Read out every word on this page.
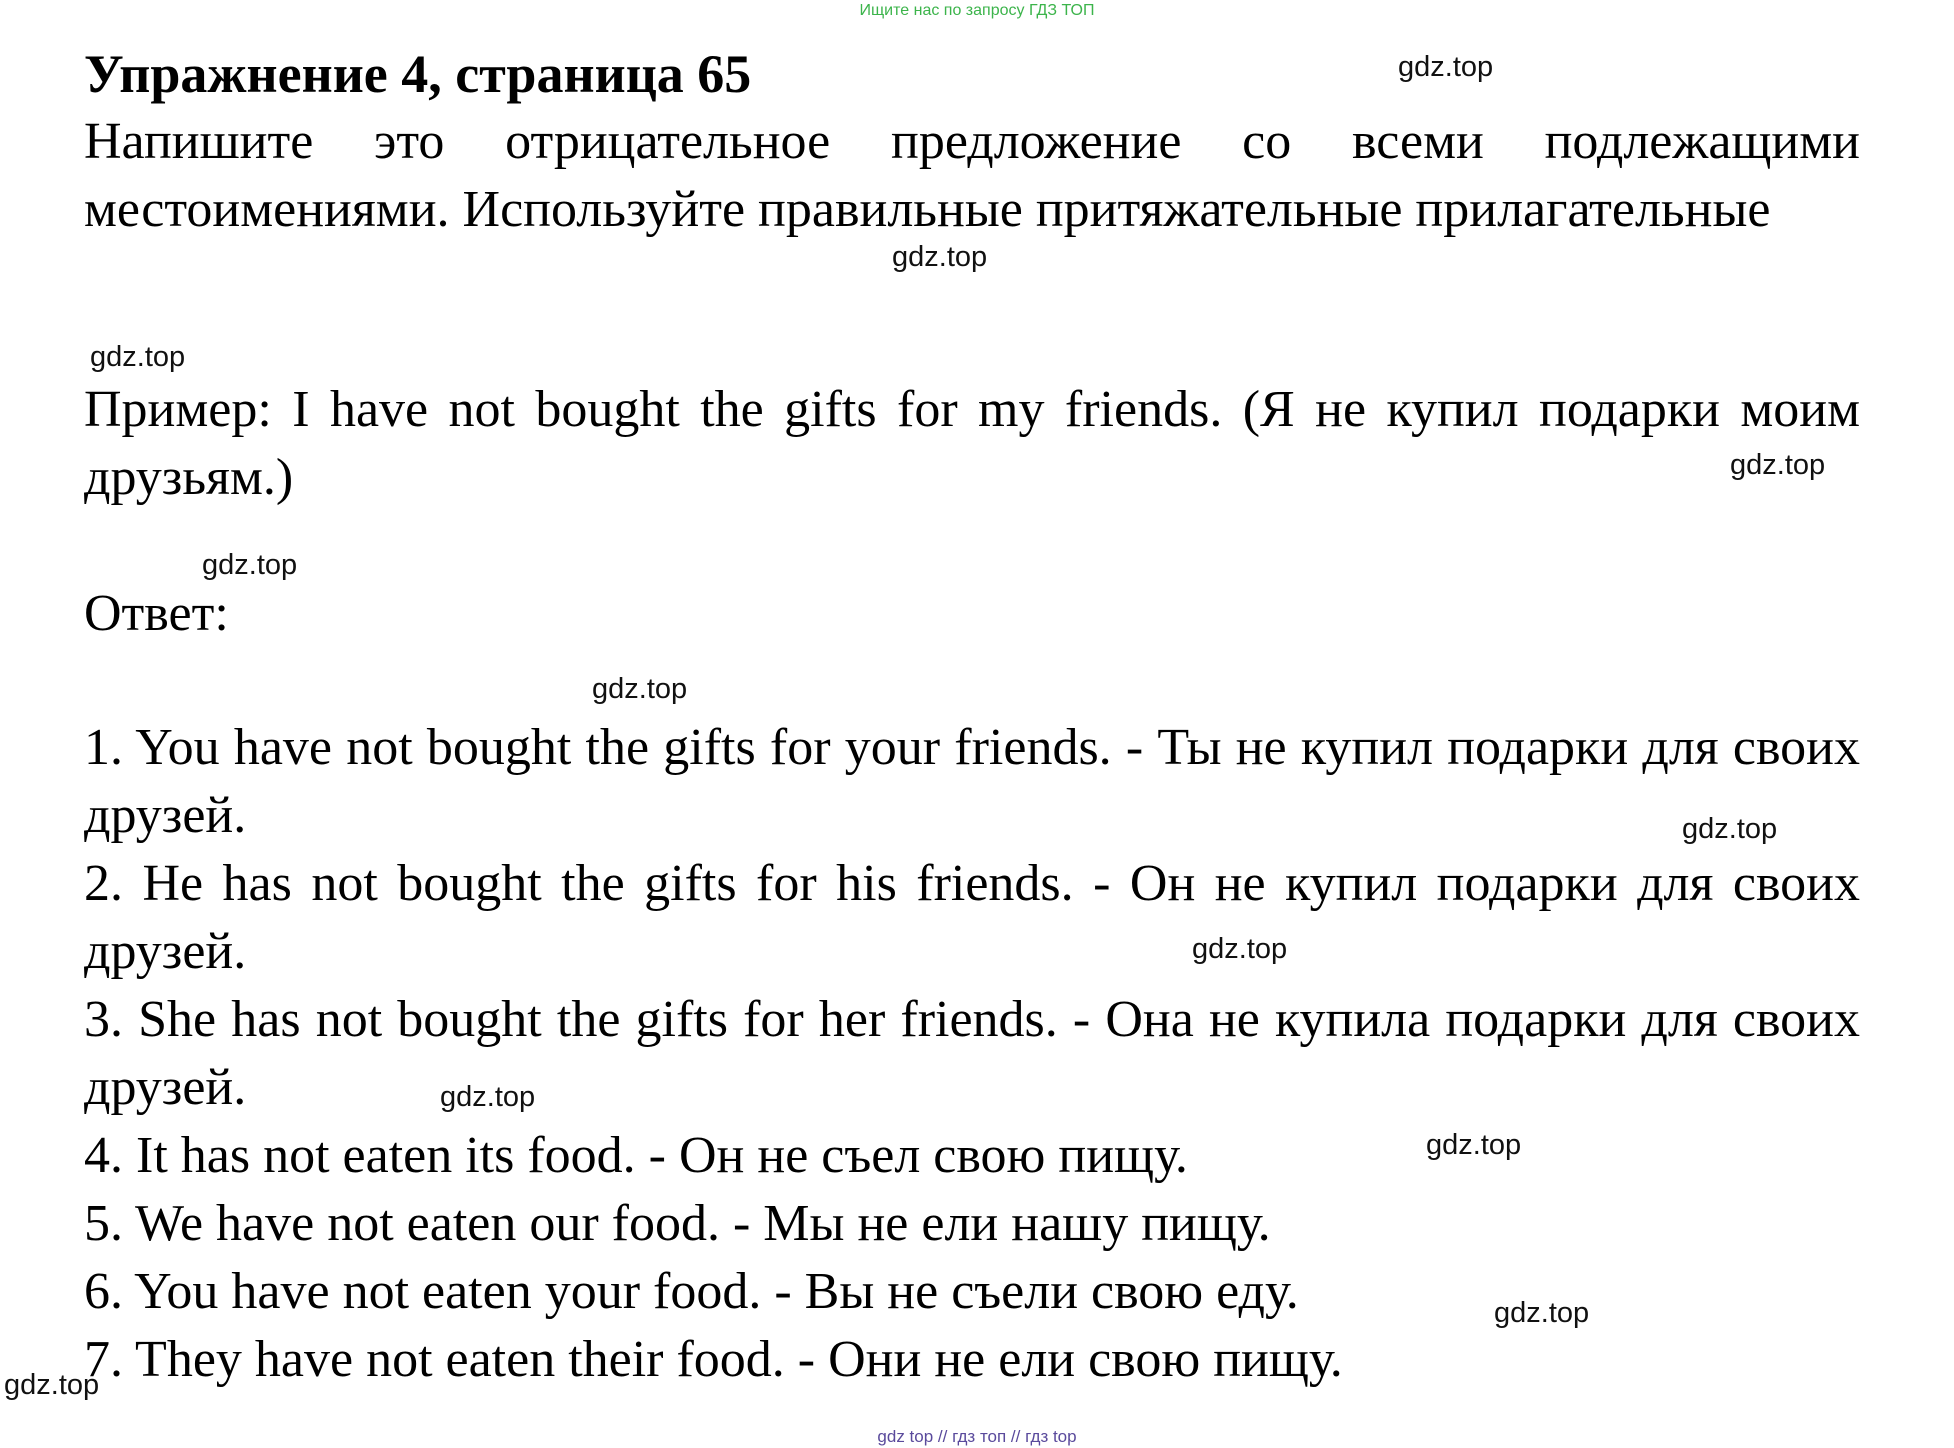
Ищите нас по запросу ГДЗ ТОП
Упражнение 4, страница 65

Напишите это отрицательное предложение со всеми подлежащими местоимениями. Используйте правильные притяжательные прилагательные

Пример: I have not bought the gifts for my friends. (Я не купил подарки моим друзьям.)

Ответ:

1. You have not bought the gifts for your friends. - Ты не купил подарки для своих друзей.
2. He has not bought the gifts for his friends. - Он не купил подарки для своих друзей.
3. She has not bought the gifts for her friends. - Она не купила подарки для своих друзей.
4. It has not eaten its food. - Он не съел свою пищу.
5. We have not eaten our food. - Мы не ели нашу пищу.
6. You have not eaten your food. - Вы не съели свою еду.
7. They have not eaten their food. - Они не ели свою пищу.
gdz.top
gdz.top
gdz.top
gdz.top
gdz.top
gdz.top
gdz.top
gdz.top
gdz.top
gdz.top
gdz.top
gdz.top
gdz top // гдз топ // гдз top
